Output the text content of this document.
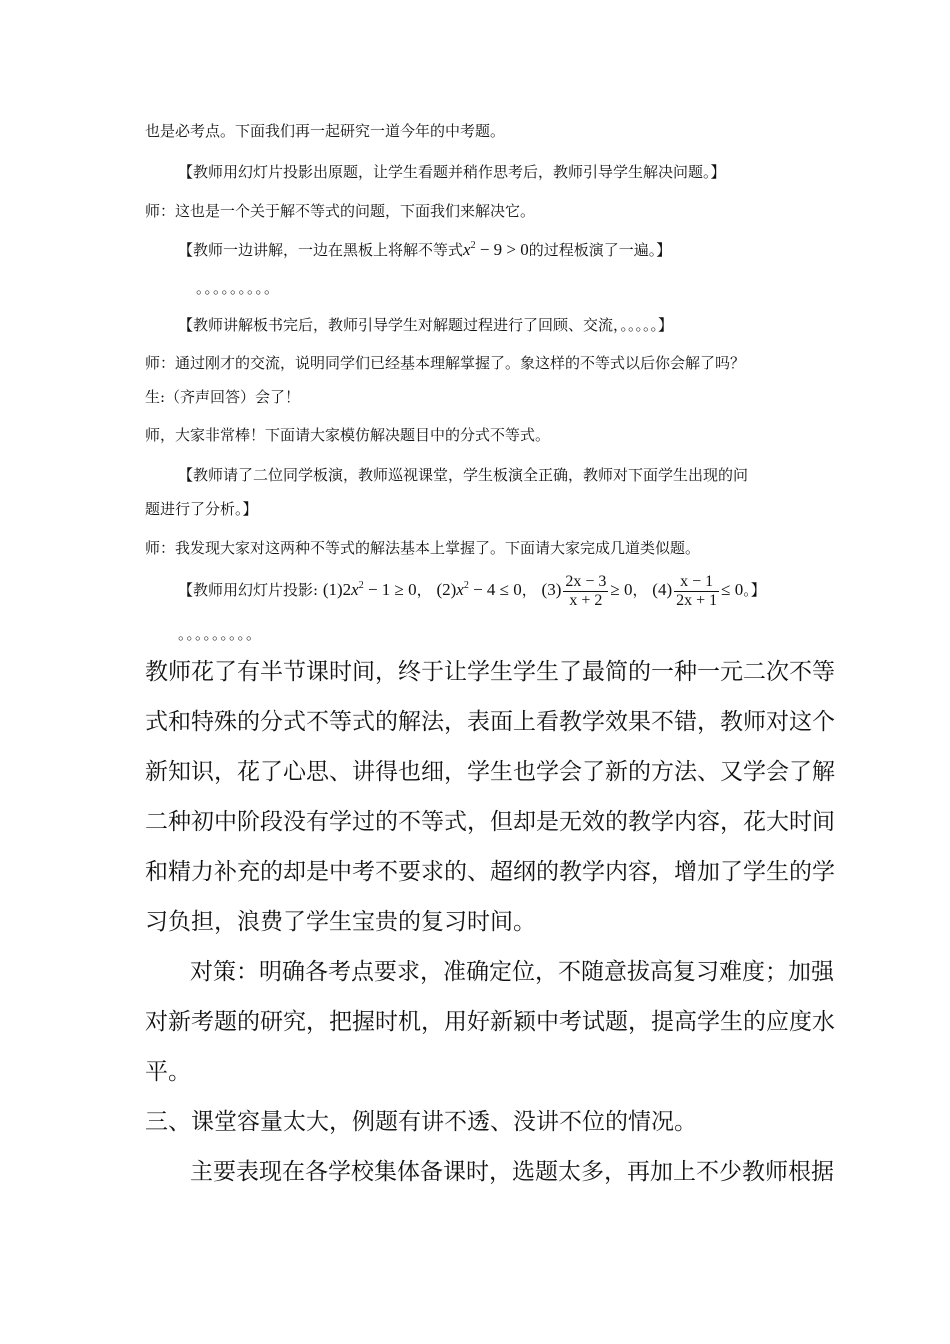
也是必考点。下面我们再一起研究一道今年的中考题。
【教师用幻灯片投影出原题，让学生看题并稍作思考后，教师引导学生解决问题。】
师：这也是一个关于解不等式的问题，下面我们来解决它。
【教师一边讲解，一边在黑板上将解不等式$x^2 - 9 > 0$的过程板演了一遍。】
。。。。。。。。。
【教师讲解板书完后，教师引导学生对解题过程进行了回顾、交流，。。。。。】
师：通过刚才的交流，说明同学们已经基本理解掌握了。象这样的不等式以后你会解了吗？
生:（齐声回答）会了！
师，大家非常棒！下面请大家模仿解决题目中的分式不等式。
【教师请了二位同学板演，教师巡视课堂，学生板演全正确，教师对下面学生出现的问
题进行了分析。】
师：我发现大家对这两种不等式的解法基本上掌握了。下面请大家完成几道类似题。
【教师用幻灯片投影: $(1)2x^2 - 1 \ge 0$， $(2)x^2 - 4 \le 0$， $(3) \frac{2x - 3}{x + 2} \ge 0$， $(4) \frac{x - 1}{2x + 1} \le 0$。】
。。。。。。。。。
教师花了有半节课时间，终于让学生学生了最简的一种一元二次不等
式和特殊的分式不等式的解法，表面上看教学效果不错，教师对这个
新知识，花了心思、讲得也细，学生也学会了新的方法、又学会了解
二种初中阶段没有学过的不等式，但却是无效的教学内容，花大时间
和精力补充的却是中考不要求的、超纲的教学内容，增加了学生的学
习负担，浪费了学生宝贵的复习时间。
对策：明确各考点要求，准确定位，不随意拔高复习难度；加强
对新考题的研究，把握时机，用好新颖中考试题，提高学生的应度水
平。
三、课堂容量太大，例题有讲不透、没讲不位的情况。
主要表现在各学校集体备课时，选题太多，再加上不少教师根据
